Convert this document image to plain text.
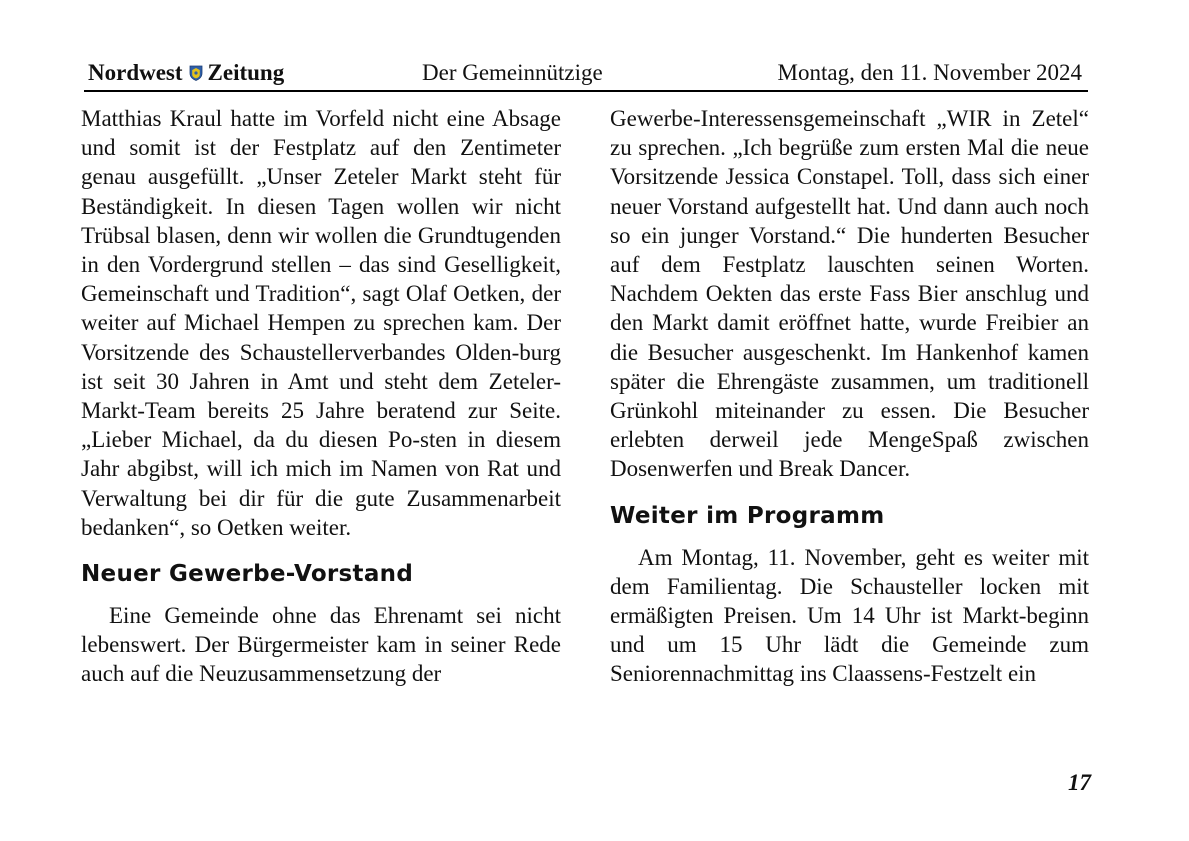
Nordwest Zeitung	Der Gemeinnützige	Montag, den 11. November 2024

Matthias Kraul hatte im Vorfeld nicht eine Absage und somit ist der Festplatz auf den Zentimeter genau ausgefüllt. „Unser Zeteler Markt steht für Beständigkeit. In diesen Tagen wollen wir nicht Trübsal blasen, denn wir wollen die Grundtugenden in den Vordergrund stellen – das sind Geselligkeit, Gemeinschaft und Tradition“, sagt Olaf Oetken, der weiter auf Michael Hempen zu sprechen kam. Der Vorsitzende des Schaustellerverbandes Olden-burg ist seit 30 Jahren in Amt und steht dem Zeteler-Markt-Team bereits 25 Jahre beratend zur Seite. „Lieber Michael, da du diesen Po-sten in diesem Jahr abgibst, will ich mich im Namen von Rat und Verwaltung bei dir für die gute Zusammenarbeit bedanken“, so Oetken weiter.

Neuer Gewerbe-Vorstand

Eine Gemeinde ohne das Ehrenamt sei nicht lebenswert. Der Bürgermeister kam in seiner Rede auch auf die Neuzusammensetzung der

Gewerbe-Interessensgemeinschaft „WIR in Zetel“ zu sprechen. „Ich begrüße zum ersten Mal die neue Vorsitzende Jessica Constapel. Toll, dass sich einer neuer Vorstand aufgestellt hat. Und dann auch noch so ein junger Vorstand.“ Die hunderten Besucher auf dem Festplatz lauschten seinen Worten. Nachdem Oekten das erste Fass Bier anschlug und den Markt damit eröffnet hatte, wurde Freibier an die Besucher ausgeschenkt. Im Hankenhof kamen später die Ehrengäste zusammen, um traditionell Grünkohl miteinander zu essen. Die Besucher erlebten derweil jede MengeSpaß zwischen Dosenwerfen und Break Dancer.

Weiter im Programm

Am Montag, 11. November, geht es weiter mit dem Familientag. Die Schausteller locken mit ermäßigten Preisen. Um 14 Uhr ist Markt-beginn und um 15 Uhr lädt die Gemeinde zum Seniorennachmittag ins Claassens-Festzelt ein

17
